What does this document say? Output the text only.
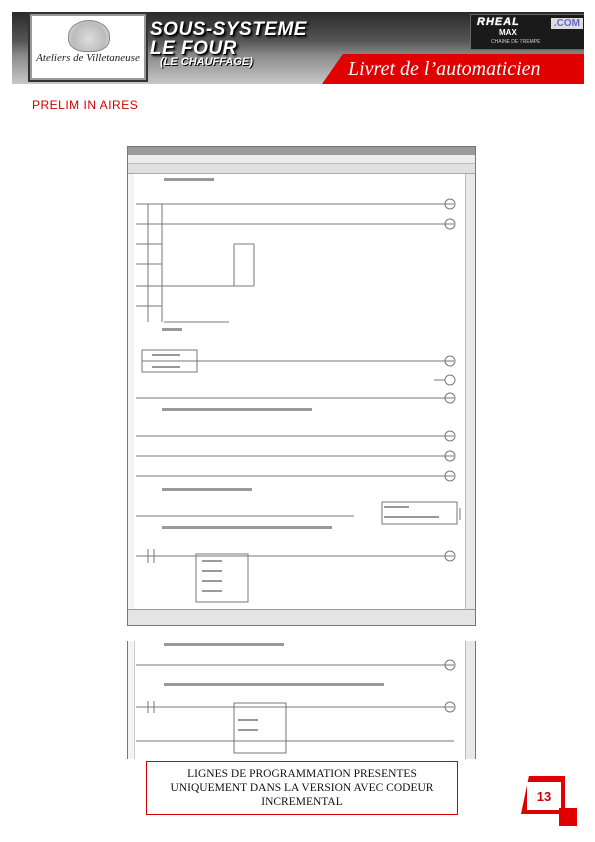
Ateliers de Villetaneuse
SOUS-SYSTEME
LE FOUR
(LE CHAUFFAGE)	Livret de l’automaticien
RHEAL	.COM
MAX
CHAINE DE TREMPE
PRELIM IN AIRES
LIGNES DE PROGRAMMATION PRESENTES
UNIQUEMENT DANS LA VERSION AVEC CODEUR
INCREMENTAL	13
